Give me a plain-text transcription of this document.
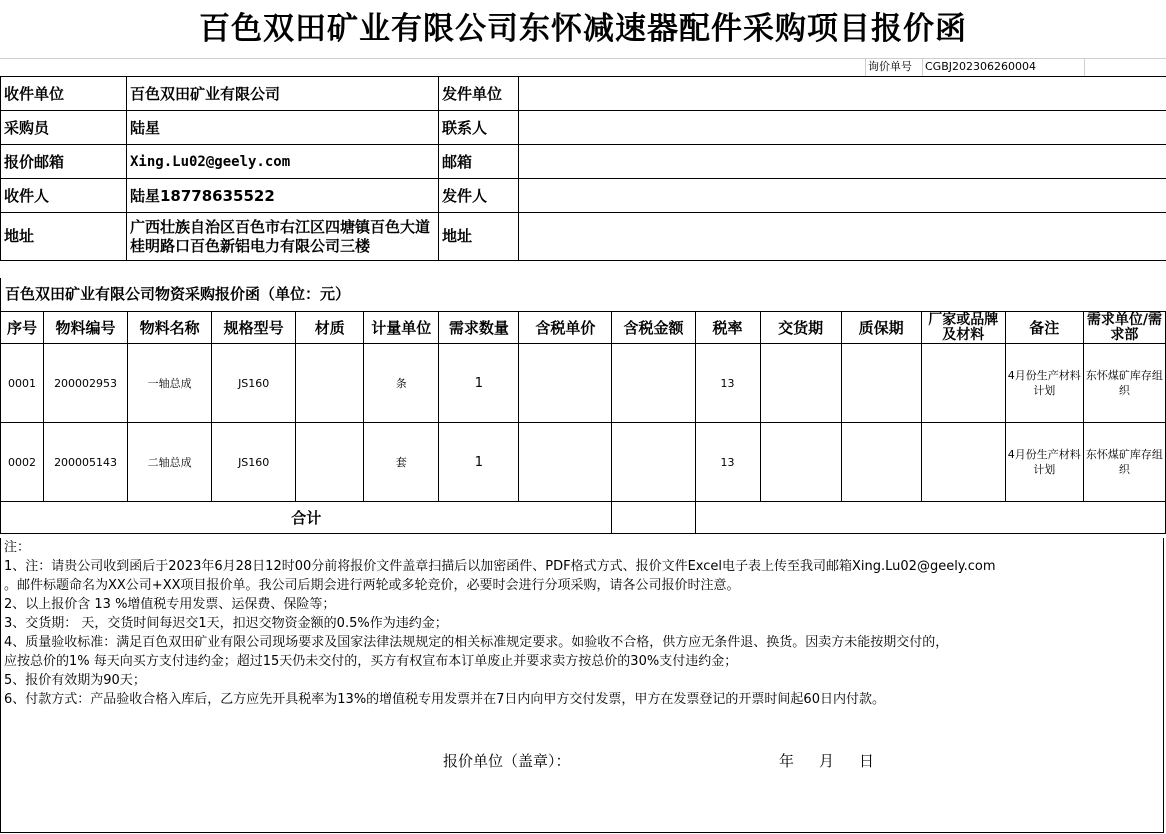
百色双田矿业有限公司东怀减速器配件采购项目报价函
询价单号 CGBJ202306260004
收件单位	百色双田矿业有限公司	发件单位	
采购员	陆星	联系人	
报价邮箱	Xing.Lu02@geely.com	邮箱	
收件人	陆星18778635522	发件人	
地址	广西壮族自治区百色市右江区四塘镇百色大道桂明路口百色新铝电力有限公司三楼	地址	
百色双田矿业有限公司物资采购报价函（单位：元）
序号	物料编号	物料名称	规格型号	材质	计量单位	需求数量	含税单价	含税金额	税率	交货期	质保期	厂家或品牌及材料	备注	需求单位/需求部
0001	200002953	一轴总成	JS160		条	1			13				4月份生产材料计划	东怀煤矿库存组织
0002	200005143	二轴总成	JS160		套	1			13				4月份生产材料计划	东怀煤矿库存组织
合计														
注：
1、注：请贵公司收到函后于2023年6月28日12时00分前将报价文件盖章扫描后以加密函件、PDF格式方式、报价文件Excel电子表上传至我司邮箱Xing.Lu02@geely.com
。邮件标题命名为XX公司+XX项目报价单。我公司后期会进行两轮或多轮竞价，必要时会进行分项采购，请各公司报价时注意。
2、以上报价含 13 %增值税专用发票、运保费、保险等；
3、交货期： 天，交货时间每迟交1天，扣迟交物资金额的0.5%作为违约金；
4、质量验收标准：满足百色双田矿业有限公司现场要求及国家法律法规规定的相关标准规定要求。如验收不合格，供方应无条件退、换货。因卖方未能按期交付的，
应按总价的1% 每天向买方支付违约金；超过15天仍未交付的，买方有权宣布本订单废止并要求卖方按总价的30%支付违约金；
5、报价有效期为90天；
6、付款方式：产品验收合格入库后，乙方应先开具税率为13%的增值税专用发票并在7日内向甲方交付发票，甲方在发票登记的开票时间起60日内付款。
报价单位（盖章）：	年 月 日
